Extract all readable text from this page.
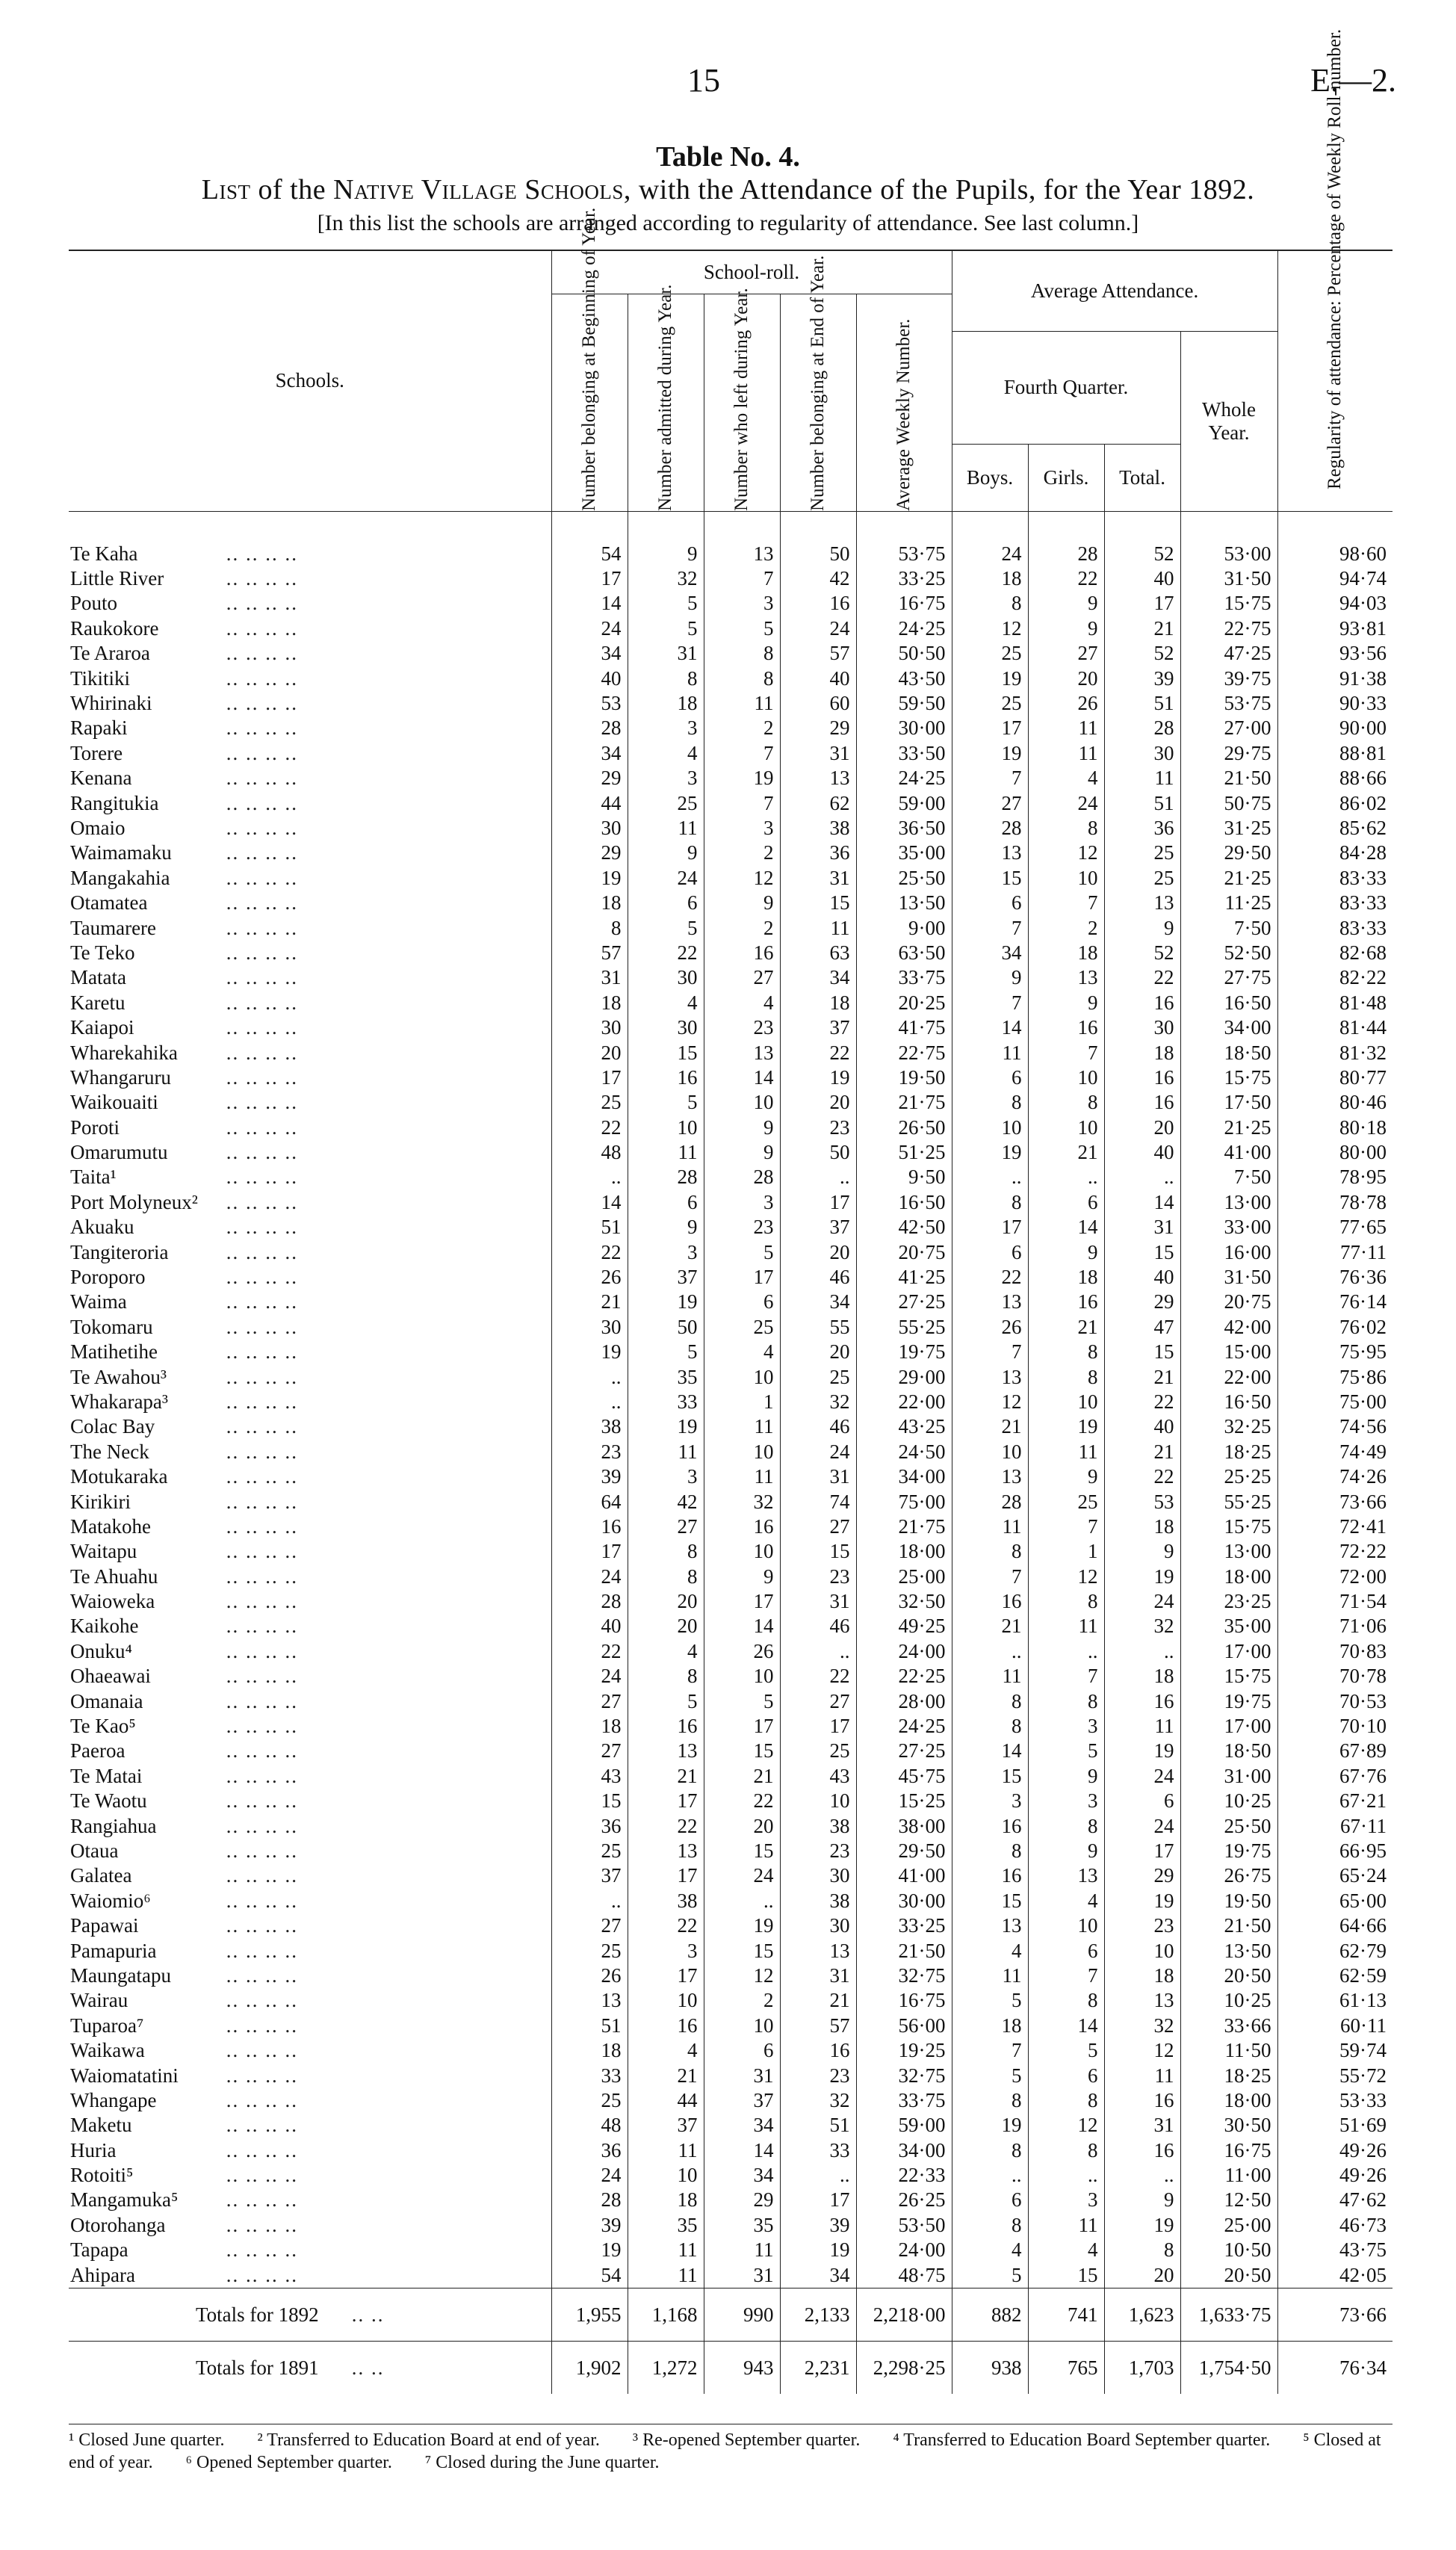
15	E.—2.
Table No. 4.
List of the Native Village Schools, with the Attendance of the Pupils, for the Year 1892.
[In this list the schools are arranged according to regularity of attendance. See last column.]
Schools.	School-roll.					Average Attendance.				Regularity of attendance: Percentage of Weekly Roll-number.

	Number belonging at Beginning of Year.	Number admitted during Year.	Number who left during Year.	Number belonging at End of Year.	Average Weekly Number.					

						Fourth Quarter.			Whole Year.	
						Boys.	Girls.	Total.		
Te Kaha .. .. .. ..	54	9	13	50	53·75	24	28	52	53·00	98·60
Little River .. .. .. ..	17	32	7	42	33·25	18	22	40	31·50	94·74
Pouto .. .. .. ..	14	5	3	16	16·75	8	9	17	15·75	94·03
Raukokore .. .. .. ..	24	5	5	24	24·25	12	9	21	22·75	93·81
Te Araroa .. .. .. ..	34	31	8	57	50·50	25	27	52	47·25	93·56
Tikitiki .. .. .. ..	40	8	8	40	43·50	19	20	39	39·75	91·38
Whirinaki .. .. .. ..	53	18	11	60	59·50	25	26	51	53·75	90·33
Rapaki .. .. .. ..	28	3	2	29	30·00	17	11	28	27·00	90·00
Torere .. .. .. ..	34	4	7	31	33·50	19	11	30	29·75	88·81
Kenana .. .. .. ..	29	3	19	13	24·25	7	4	11	21·50	88·66
Rangitukia .. .. .. ..	44	25	7	62	59·00	27	24	51	50·75	86·02
Omaio .. .. .. ..	30	11	3	38	36·50	28	8	36	31·25	85·62
Waimamaku .. .. .. ..	29	9	2	36	35·00	13	12	25	29·50	84·28
Mangakahia .. .. .. ..	19	24	12	31	25·50	15	10	25	21·25	83·33
Otamatea .. .. .. ..	18	6	9	15	13·50	6	7	13	11·25	83·33
Taumarere .. .. .. ..	8	5	2	11	9·00	7	2	9	7·50	83·33
Te Teko .. .. .. ..	57	22	16	63	63·50	34	18	52	52·50	82·68
Matata .. .. .. ..	31	30	27	34	33·75	9	13	22	27·75	82·22
Karetu .. .. .. ..	18	4	4	18	20·25	7	9	16	16·50	81·48
Kaiapoi .. .. .. ..	30	30	23	37	41·75	14	16	30	34·00	81·44
Wharekahika .. .. .. ..	20	15	13	22	22·75	11	7	18	18·50	81·32
Whangaruru .. .. .. ..	17	16	14	19	19·50	6	10	16	15·75	80·77
Waikouaiti .. .. .. ..	25	5	10	20	21·75	8	8	16	17·50	80·46
Poroti .. .. .. ..	22	10	9	23	26·50	10	10	20	21·25	80·18
Omarumutu .. .. .. ..	48	11	9	50	51·25	19	21	40	41·00	80·00
Taita¹ .. .. .. ..	..	28	28	..	9·50	..	..	..	7·50	78·95
Port Molyneux² .. .. .. ..	14	6	3	17	16·50	8	6	14	13·00	78·78
Akuaku .. .. .. ..	51	9	23	37	42·50	17	14	31	33·00	77·65
Tangiteroria .. .. .. ..	22	3	5	20	20·75	6	9	15	16·00	77·11
Poroporo .. .. .. ..	26	37	17	46	41·25	22	18	40	31·50	76·36
Waima .. .. .. ..	21	19	6	34	27·25	13	16	29	20·75	76·14
Tokomaru .. .. .. ..	30	50	25	55	55·25	26	21	47	42·00	76·02
Matihetihe .. .. .. ..	19	5	4	20	19·75	7	8	15	15·00	75·95
Te Awahou³ .. .. .. ..	..	35	10	25	29·00	13	8	21	22·00	75·86
Whakarapa³ .. .. .. ..	..	33	1	32	22·00	12	10	22	16·50	75·00
Colac Bay .. .. .. ..	38	19	11	46	43·25	21	19	40	32·25	74·56
The Neck .. .. .. ..	23	11	10	24	24·50	10	11	21	18·25	74·49
Motukaraka .. .. .. ..	39	3	11	31	34·00	13	9	22	25·25	74·26
Kirikiri .. .. .. ..	64	42	32	74	75·00	28	25	53	55·25	73·66
Matakohe .. .. .. ..	16	27	16	27	21·75	11	7	18	15·75	72·41
Waitapu .. .. .. ..	17	8	10	15	18·00	8	1	9	13·00	72·22
Te Ahuahu .. .. .. ..	24	8	9	23	25·00	7	12	19	18·00	72·00
Waioweka .. .. .. ..	28	20	17	31	32·50	16	8	24	23·25	71·54
Kaikohe .. .. .. ..	40	20	14	46	49·25	21	11	32	35·00	71·06
Onuku⁴ .. .. .. ..	22	4	26	..	24·00	..	..	..	17·00	70·83
Ohaeawai .. .. .. ..	24	8	10	22	22·25	11	7	18	15·75	70·78
Omanaia .. .. .. ..	27	5	5	27	28·00	8	8	16	19·75	70·53
Te Kao⁵ .. .. .. ..	18	16	17	17	24·25	8	3	11	17·00	70·10
Paeroa .. .. .. ..	27	13	15	25	27·25	14	5	19	18·50	67·89
Te Matai .. .. .. ..	43	21	21	43	45·75	15	9	24	31·00	67·76
Te Waotu .. .. .. ..	15	17	22	10	15·25	3	3	6	10·25	67·21
Rangiahua .. .. .. ..	36	22	20	38	38·00	16	8	24	25·50	67·11
Otaua .. .. .. ..	25	13	15	23	29·50	8	9	17	19·75	66·95
Galatea .. .. .. ..	37	17	24	30	41·00	16	13	29	26·75	65·24
Waiomio⁶ .. .. .. ..	..	38	..	38	30·00	15	4	19	19·50	65·00
Papawai .. .. .. ..	27	22	19	30	33·25	13	10	23	21·50	64·66
Pamapuria .. .. .. ..	25	3	15	13	21·50	4	6	10	13·50	62·79
Maungatapu .. .. .. ..	26	17	12	31	32·75	11	7	18	20·50	62·59
Wairau .. .. .. ..	13	10	2	21	16·75	5	8	13	10·25	61·13
Tuparoa⁷ .. .. .. ..	51	16	10	57	56·00	18	14	32	33·66	60·11
Waikawa .. .. .. ..	18	4	6	16	19·25	7	5	12	11·50	59·74
Waiomatatini .. .. .. ..	33	21	31	23	32·75	5	6	11	18·25	55·72
Whangape .. .. .. ..	25	44	37	32	33·75	8	8	16	18·00	53·33
Maketu .. .. .. ..	48	37	34	51	59·00	19	12	31	30·50	51·69
Huria .. .. .. ..	36	11	14	33	34·00	8	8	16	16·75	49·26
Rotoiti⁵ .. .. .. ..	24	10	34	..	22·33	..	..	..	11·00	49·26
Mangamuka⁵ .. .. .. ..	28	18	29	17	26·25	6	3	9	12·50	47·62
Otorohanga .. .. .. ..	39	35	35	39	53·50	8	11	19	25·00	46·73
Tapapa .. .. .. ..	19	11	11	19	24·00	4	4	8	10·50	43·75
Ahipara .. .. .. ..	54	11	31	34	48·75	5	15	20	20·50	42·05
Totals for 1892 .. ..	1,955	1,168	990	2,133	2,218·00	882	741	1,623	1,633·75	73·66
Totals for 1891 .. ..	1,902	1,272	943	2,231	2,298·25	938	765	1,703	1,754·50	76·34
¹ Closed June quarter. ² Transferred to Education Board at end of year. ³ Re-opened September quarter. ⁴ Transferred to Education Board September quarter. ⁵ Closed at end of year. ⁶ Opened September quarter. ⁷ Closed during the June quarter.
